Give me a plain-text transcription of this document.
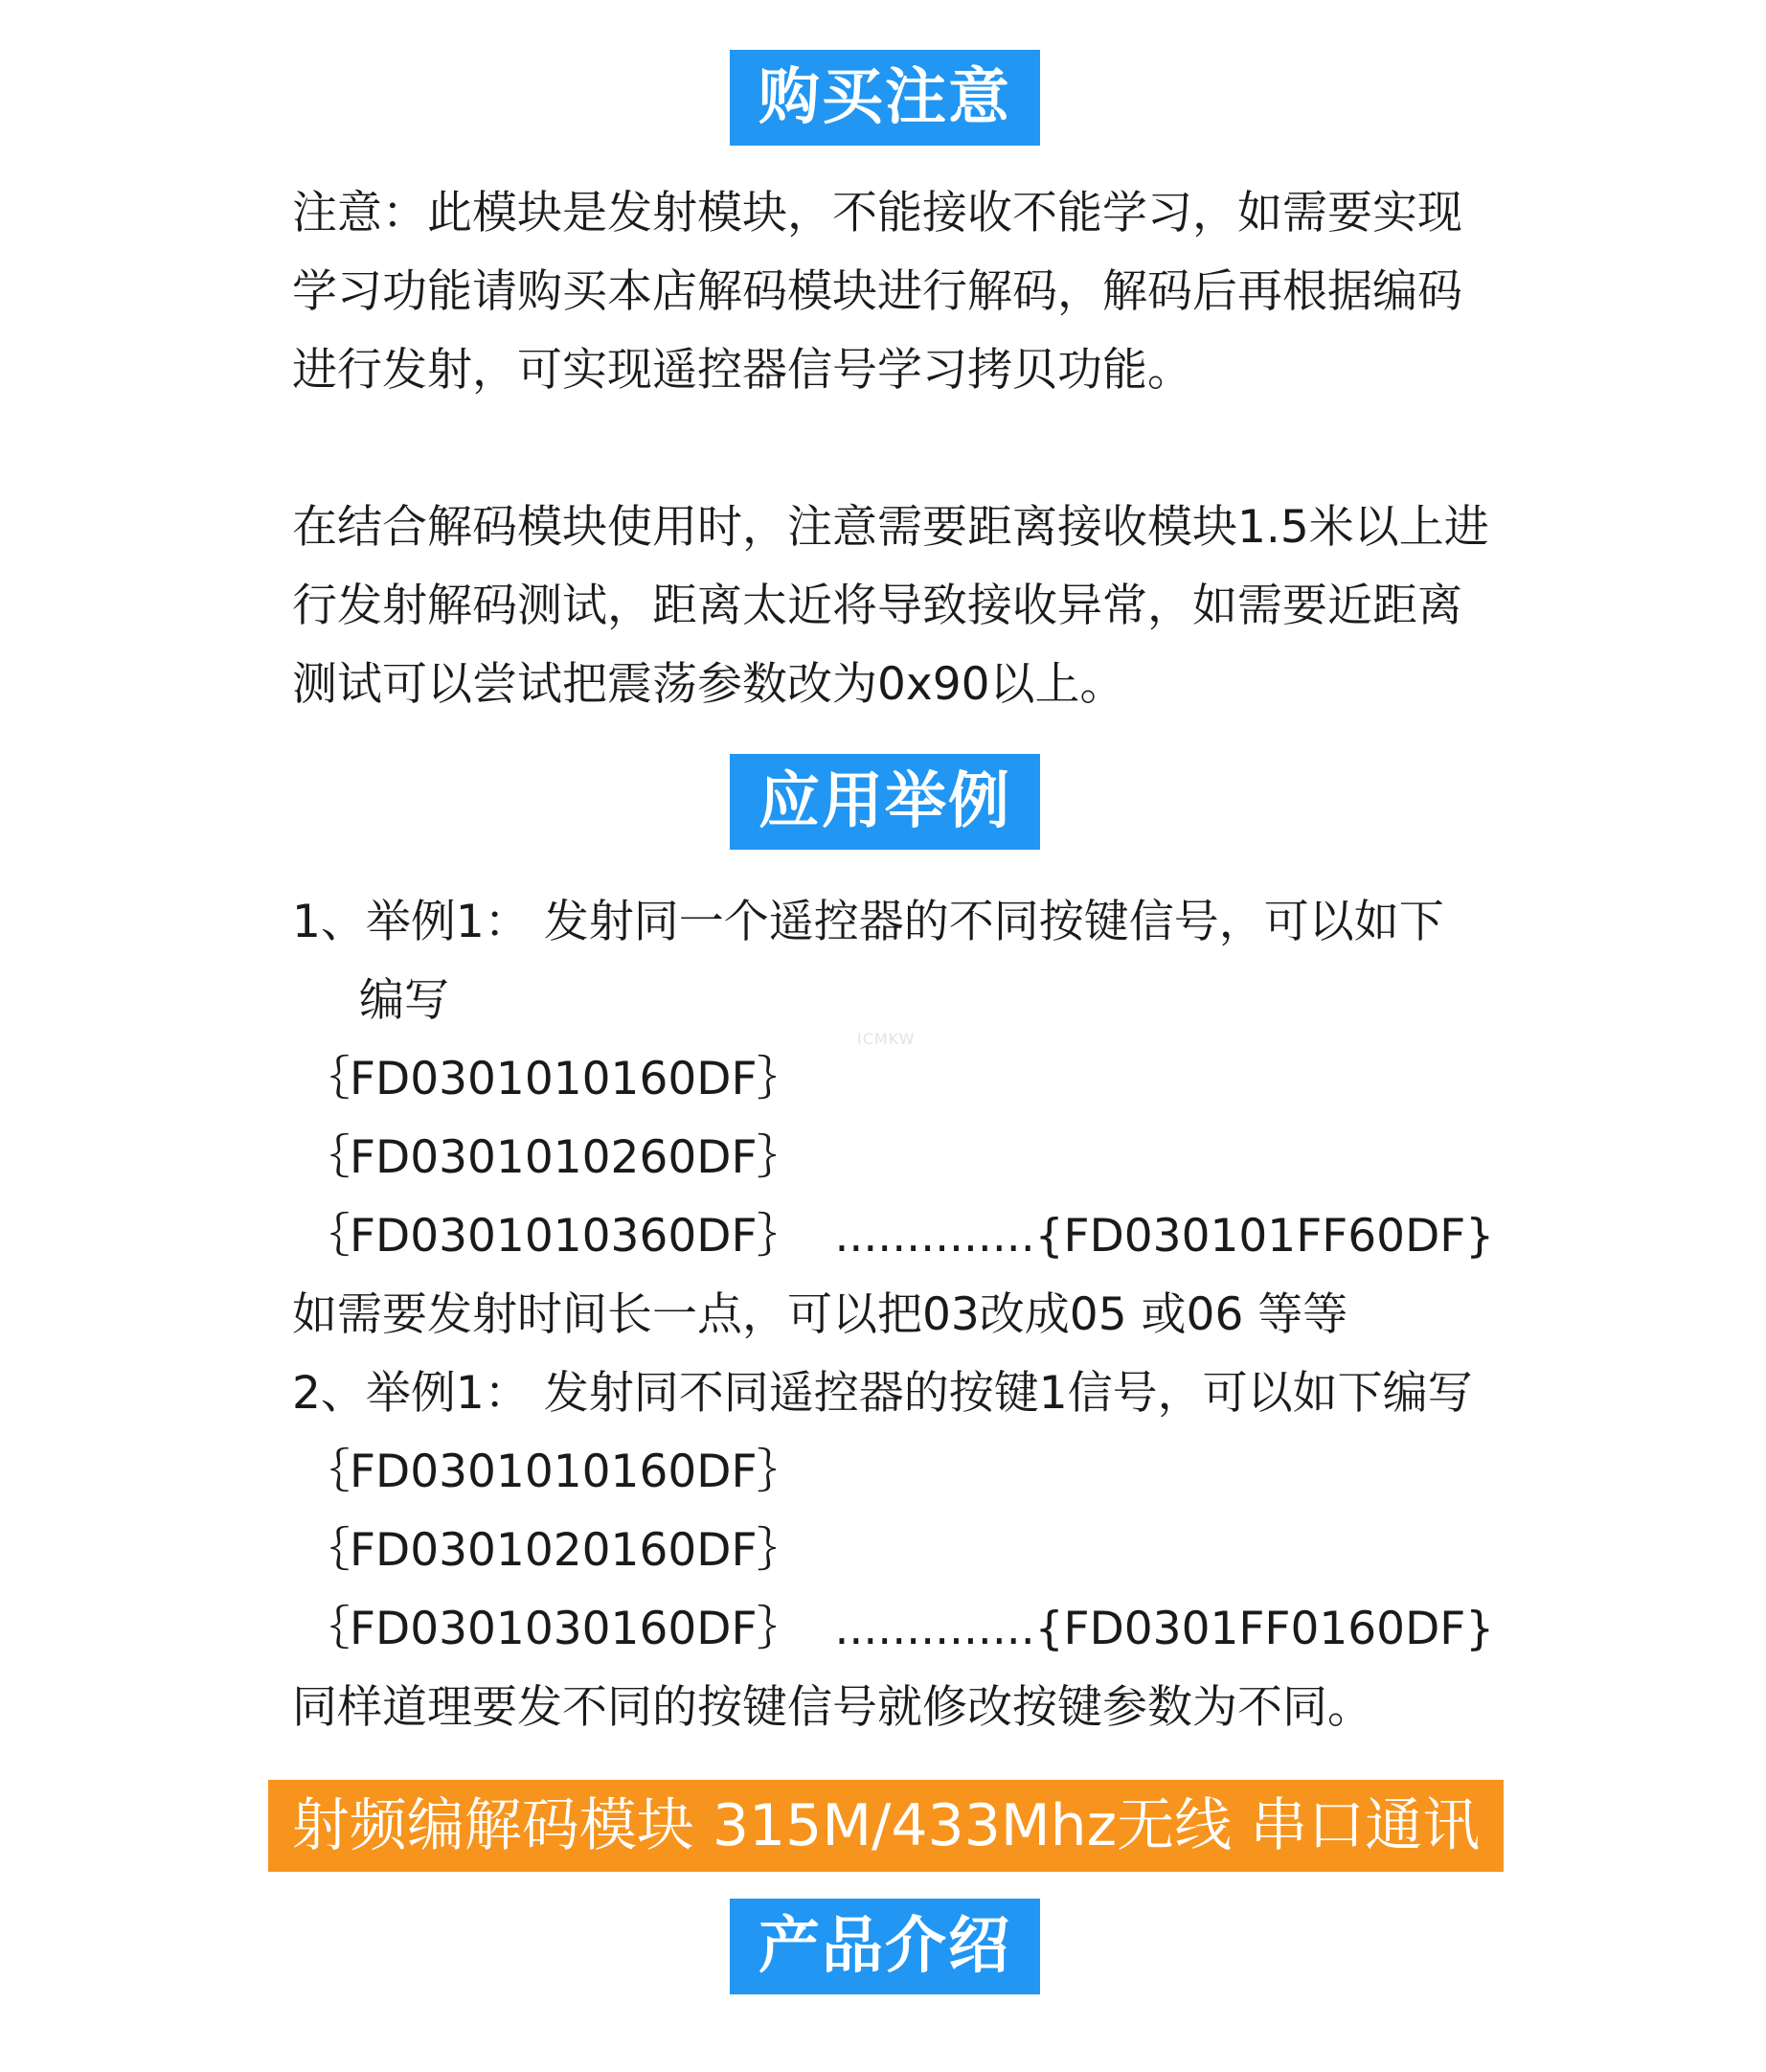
购买注意

注意：此模块是发射模块，不能接收不能学习，如需要实现学习功能请购买本店解码模块进行解码，解码后再根据编码进行发射，可实现遥控器信号学习拷贝功能。

在结合解码模块使用时，注意需要距离接收模块1.5米以上进行发射解码测试，距离太近将导致接收异常，如需要近距离测试可以尝试把震荡参数改为0x90以上。

应用举例
1、举例1： 发射同一个遥控器的不同按键信号，可以如下
编写
｛FD0301010160DF｝
｛FD0301010260DF｝
｛FD0301010360DF｝ ..............{FD030101FF60DF}
如需要发射时间长一点，可以把03改成05 或06 等等
2、举例1： 发射同不同遥控器的按键1信号，可以如下编写
｛FD0301010160DF｝
｛FD0301020160DF｝
｛FD0301030160DF｝ ..............{FD0301FF0160DF}
同样道理要发不同的按键信号就修改按键参数为不同。
射频编解码模块 315M/433Mhz无线 串口通讯
产品介绍
ICMKW
